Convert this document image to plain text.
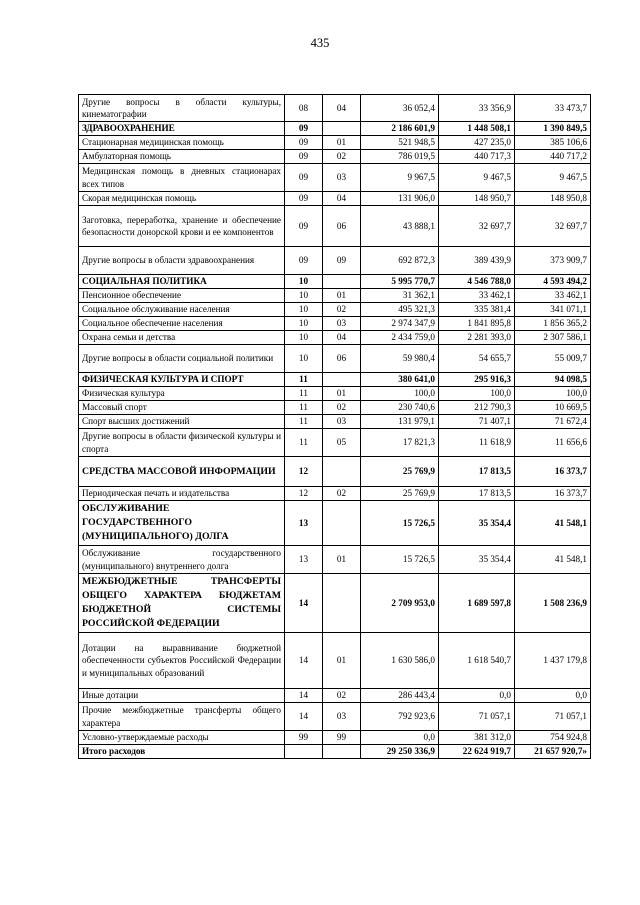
435
Другие вопросы в области культуры, кинематографии	08	04	36 052,4	33 356,9	33 473,7
ЗДРАВООХРАНЕНИЕ	09		2 186 601,9	1 448 508,1	1 390 849,5
Стационарная медицинская помощь	09	01	521 948,5	427 235,0	385 106,6
Амбулаторная помощь	09	02	786 019,5	440 717,3	440 717,2
Медицинская помощь в дневных стационарах всех типов	09	03	9 967,5	9 467,5	9 467,5
Скорая медицинская помощь	09	04	131 906,0	148 950,7	148 950,8
Заготовка, переработка, хранение и обеспечение безопасности донорской крови и ее компонентов	09	06	43 888,1	32 697,7	32 697,7
Другие вопросы в области здравоохранения	09	09	692 872,3	389 439,9	373 909,7
СОЦИАЛЬНАЯ ПОЛИТИКА	10		5 995 770,7	4 546 788,0	4 593 494,2
Пенсионное обеспечение	10	01	31 362,1	33 462,1	33 462,1
Социальное обслуживание населения	10	02	495 321,3	335 381,4	341 071,1
Социальное обеспечение населения	10	03	2 974 347,9	1 841 895,8	1 856 365,2
Охрана семьи и детства	10	04	2 434 759,0	2 281 393,0	2 307 586,1
Другие вопросы в области социальной политики	10	06	59 980,4	54 655,7	55 009,7
ФИЗИЧЕСКАЯ КУЛЬТУРА И СПОРТ	11		380 641,0	295 916,3	94 098,5
Физическая культура	11	01	100,0	100,0	100,0
Массовый спорт	11	02	230 740,6	212 790,3	10 669,5
Спорт высших достижений	11	03	131 979,1	71 407,1	71 672,4
Другие вопросы в области физической культуры и спорта	11	05	17 821,3	11 618,9	11 656,6
СРЕДСТВА МАССОВОЙ ИНФОРМАЦИИ	12		25 769,9	17 813,5	16 373,7
Периодическая печать и издательства	12	02	25 769,9	17 813,5	16 373,7
ОБСЛУЖИВАНИЕ ГОСУДАРСТВЕННОГО (МУНИЦИПАЛЬНОГО) ДОЛГА	13		15 726,5	35 354,4	41 548,1
Обслуживание государственного (муниципального) внутреннего долга	13	01	15 726,5	35 354,4	41 548,1
МЕЖБЮДЖЕТНЫЕ ТРАНСФЕРТЫ ОБЩЕГО ХАРАКТЕРА БЮДЖЕТАМ БЮДЖЕТНОЙ СИСТЕМЫ РОССИЙСКОЙ ФЕДЕРАЦИИ	14		2 709 953,0	1 689 597,8	1 508 236,9
Дотации на выравнивание бюджетной обеспеченности субъектов Российской Федерации и муниципальных образований	14	01	1 630 586,0	1 618 540,7	1 437 179,8
Иные дотации	14	02	286 443,4	0,0	0,0
Прочие межбюджетные трансферты общего характера	14	03	792 923,6	71 057,1	71 057,1
Условно-утверждаемые расходы	99	99	0,0	381 312,0	754 924,8
Итого расходов			29 250 336,9	22 624 919,7	21 657 920,7»
